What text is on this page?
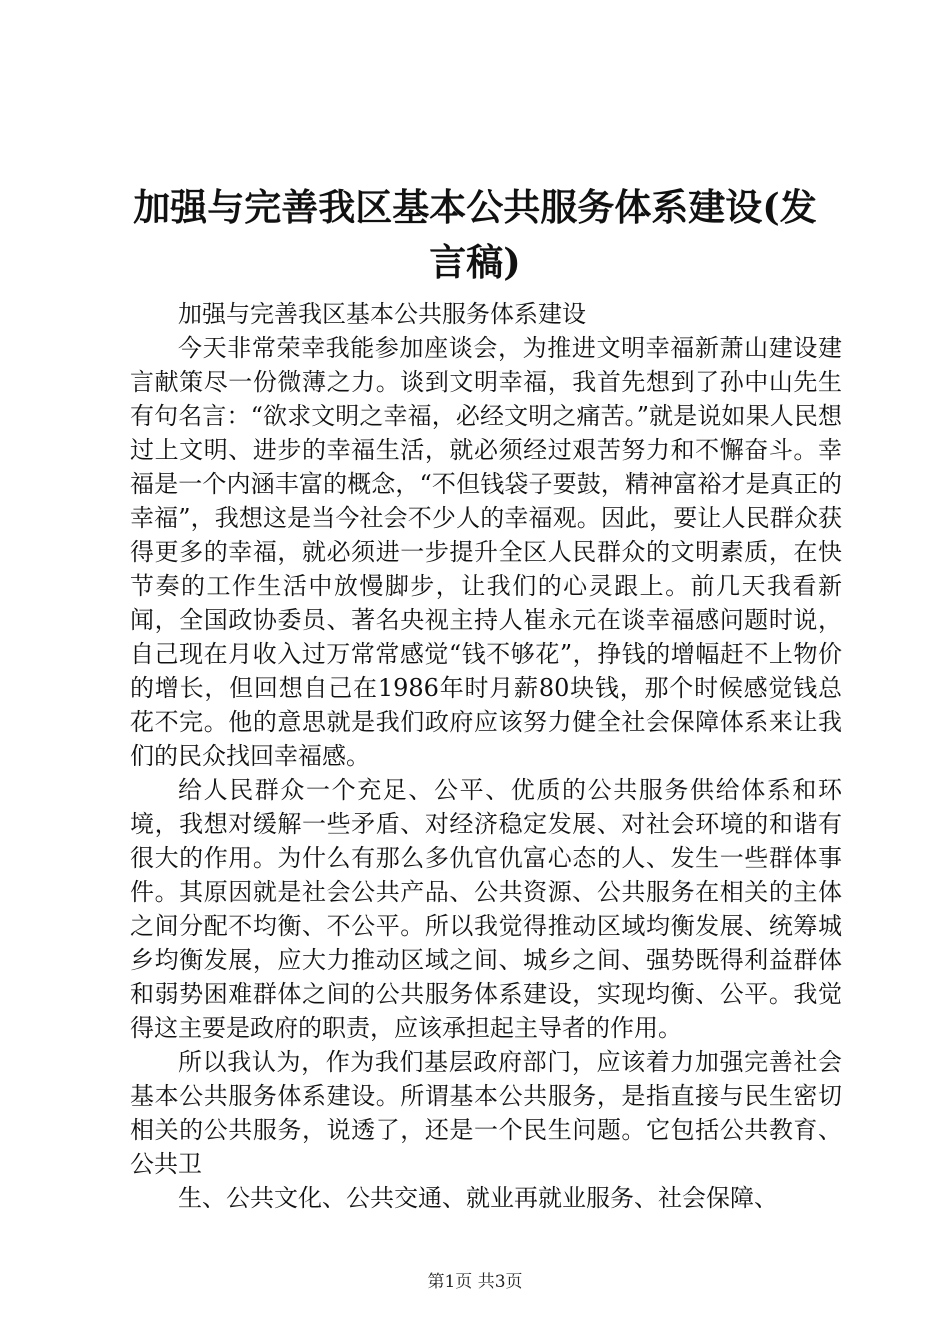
加强与完善我区基本公共服务体系建设(发言稿)

加强与完善我区基本公共服务体系建设

今天非常荣幸我能参加座谈会，为推进文明幸福新萧山建设建言献策尽一份微薄之力。谈到文明幸福，我首先想到了孙中山先生有句名言：“欲求文明之幸福，必经文明之痛苦。”就是说如果人民想过上文明、进步的幸福生活，就必须经过艰苦努力和不懈奋斗。幸福是一个内涵丰富的概念，“不但钱袋子要鼓，精神富裕才是真正的幸福”，我想这是当今社会不少人的幸福观。因此，要让人民群众获得更多的幸福，就必须进一步提升全区人民群众的文明素质，在快节奏的工作生活中放慢脚步，让我们的心灵跟上。前几天我看新闻，全国政协委员、著名央视主持人崔永元在谈幸福感问题时说，自己现在月收入过万常常感觉“钱不够花”，挣钱的增幅赶不上物价的增长，但回想自己在1986年时月薪80块钱，那个时候感觉钱总花不完。他的意思就是我们政府应该努力健全社会保障体系来让我们的民众找回幸福感。

给人民群众一个充足、公平、优质的公共服务供给体系和环境，我想对缓解一些矛盾、对经济稳定发展、对社会环境的和谐有很大的作用。为什么有那么多仇官仇富心态的人、发生一些群体事件。其原因就是社会公共产品、公共资源、公共服务在相关的主体之间分配不均衡、不公平。所以我觉得推动区域均衡发展、统筹城乡均衡发展，应大力推动区域之间、城乡之间、强势既得利益群体和弱势困难群体之间的公共服务体系建设，实现均衡、公平。我觉得这主要是政府的职责，应该承担起主导者的作用。

所以我认为，作为我们基层政府部门，应该着力加强完善社会基本公共服务体系建设。所谓基本公共服务，是指直接与民生密切相关的公共服务，说透了，还是一个民生问题。它包括公共教育、公共卫

生、公共文化、公共交通、就业再就业服务、社会保障、

第1页 共3页
